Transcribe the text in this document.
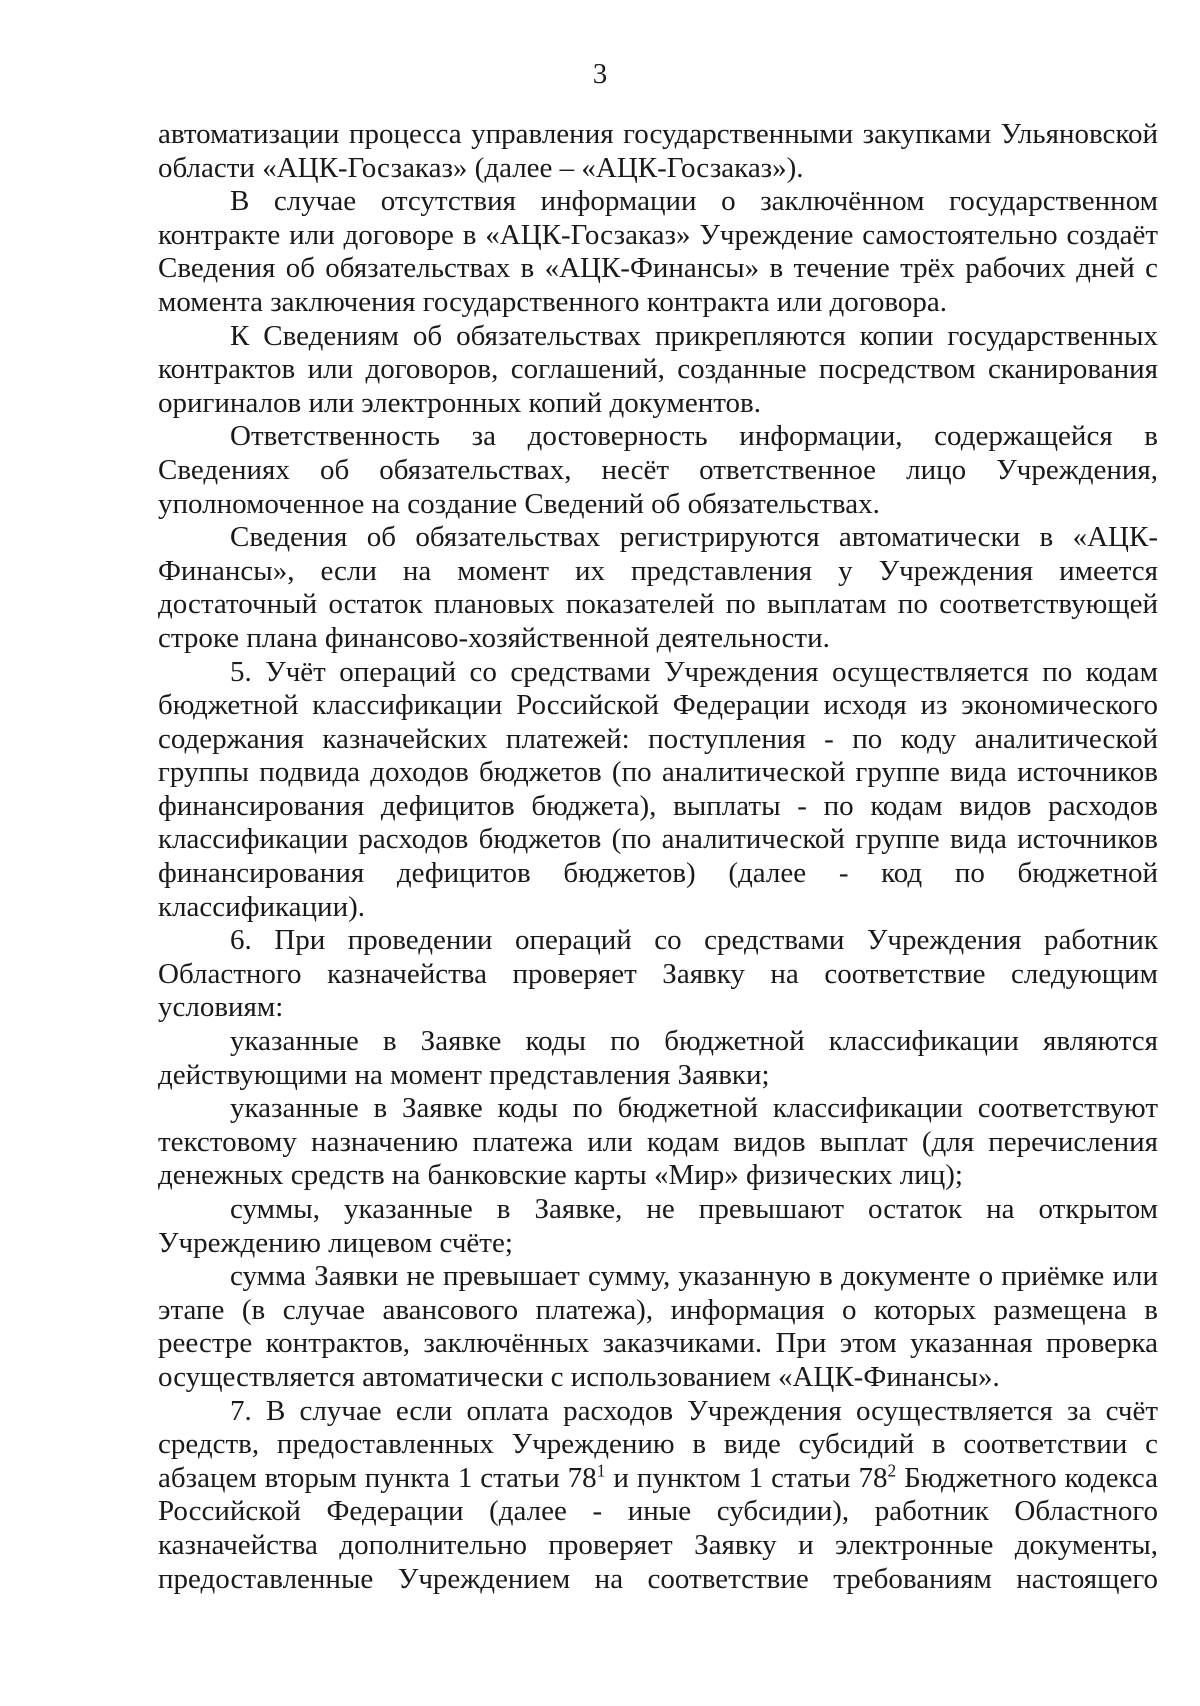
3

автоматизации процесса управления государственными закупками Ульяновской области «АЦК-Госзаказ» (далее – «АЦК-Госзаказ»).

В случае отсутствия информации о заключённом государственном контракте или договоре в «АЦК-Госзаказ» Учреждение самостоятельно создаёт Сведения об обязательствах в «АЦК-Финансы» в течение трёх рабочих дней с момента заключения государственного контракта или договора.

К Сведениям об обязательствах прикрепляются копии государственных контрактов или договоров, соглашений, созданные посредством сканирования оригиналов или электронных копий документов.

Ответственность за достоверность информации, содержащейся в Сведениях об обязательствах, несёт ответственное лицо Учреждения, уполномоченное на создание Сведений об обязательствах.

Сведения об обязательствах регистрируются автоматически в «АЦК-Финансы», если на момент их представления у Учреждения имеется достаточный остаток плановых показателей по выплатам по соответствующей строке плана финансово-хозяйственной деятельности.

5. Учёт операций со средствами Учреждения осуществляется по кодам бюджетной классификации Российской Федерации исходя из экономического содержания казначейских платежей: поступления - по коду аналитической группы подвида доходов бюджетов (по аналитической группе вида источников финансирования дефицитов бюджета), выплаты - по кодам видов расходов классификации расходов бюджетов (по аналитической группе вида источников финансирования дефицитов бюджетов) (далее - код по бюджетной классификации).

6. При проведении операций со средствами Учреждения работник Областного казначейства проверяет Заявку на соответствие следующим условиям:

указанные в Заявке коды по бюджетной классификации являются действующими на момент представления Заявки;

указанные в Заявке коды по бюджетной классификации соответствуют текстовому назначению платежа или кодам видов выплат (для перечисления денежных средств на банковские карты «Мир» физических лиц);

суммы, указанные в Заявке, не превышают остаток на открытом Учреждению лицевом счёте;

сумма Заявки не превышает сумму, указанную в документе о приёмке или этапе (в случае авансового платежа), информация о которых размещена в реестре контрактов, заключённых заказчиками. При этом указанная проверка осуществляется автоматически с использованием «АЦК-Финансы».

7. В случае если оплата расходов Учреждения осуществляется за счёт средств, предоставленных Учреждению в виде субсидий в соответствии с абзацем вторым пункта 1 статьи $78^1$ и пунктом 1 статьи $78^2$ Бюджетного кодекса Российской Федерации (далее - иные субсидии), работник Областного казначейства дополнительно проверяет Заявку и электронные документы, предоставленные Учреждением на соответствие требованиям настоящего
